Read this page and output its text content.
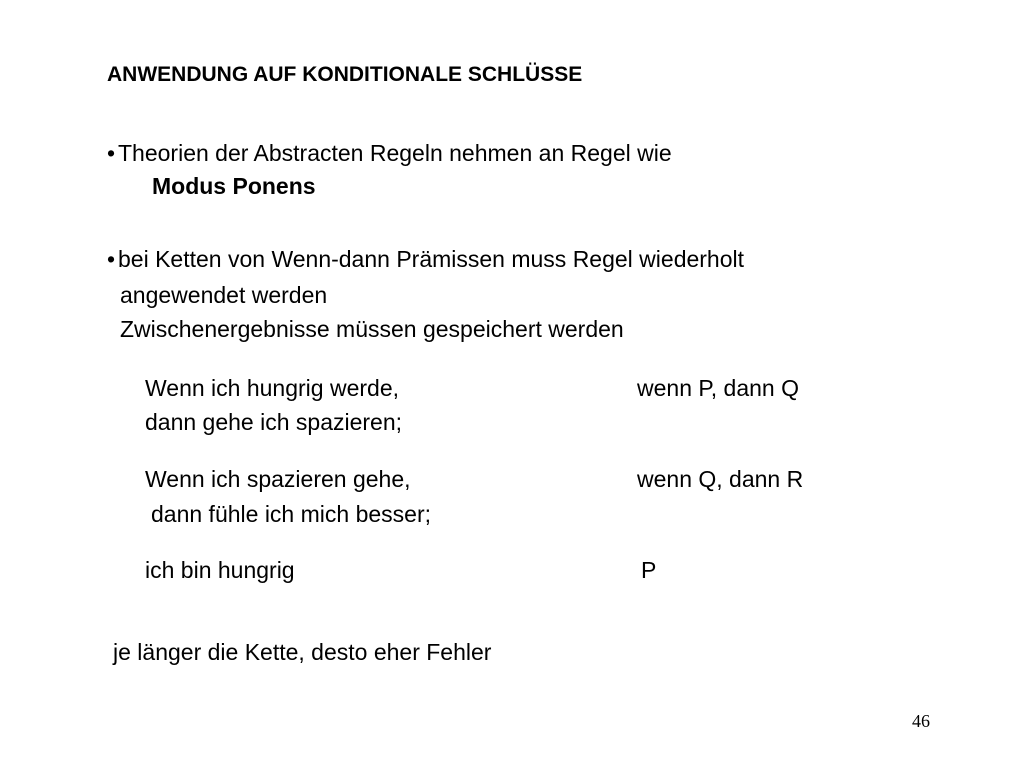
ANWENDUNG AUF KONDITIONALE SCHLÜSSE
• Theorien der Abstracten Regeln nehmen an Regel wie
Modus Ponens
• bei Ketten von Wenn-dann Prämissen muss Regel wiederholt
angewendet werden
Zwischenergebnisse müssen gespeichert werden
Wenn ich hungrig werde,
dann gehe ich spazieren;
wenn P, dann Q
Wenn ich spazieren gehe,
dann fühle ich mich besser;
wenn Q, dann R
ich bin hungrig	P
je länger die Kette, desto eher Fehler
46
